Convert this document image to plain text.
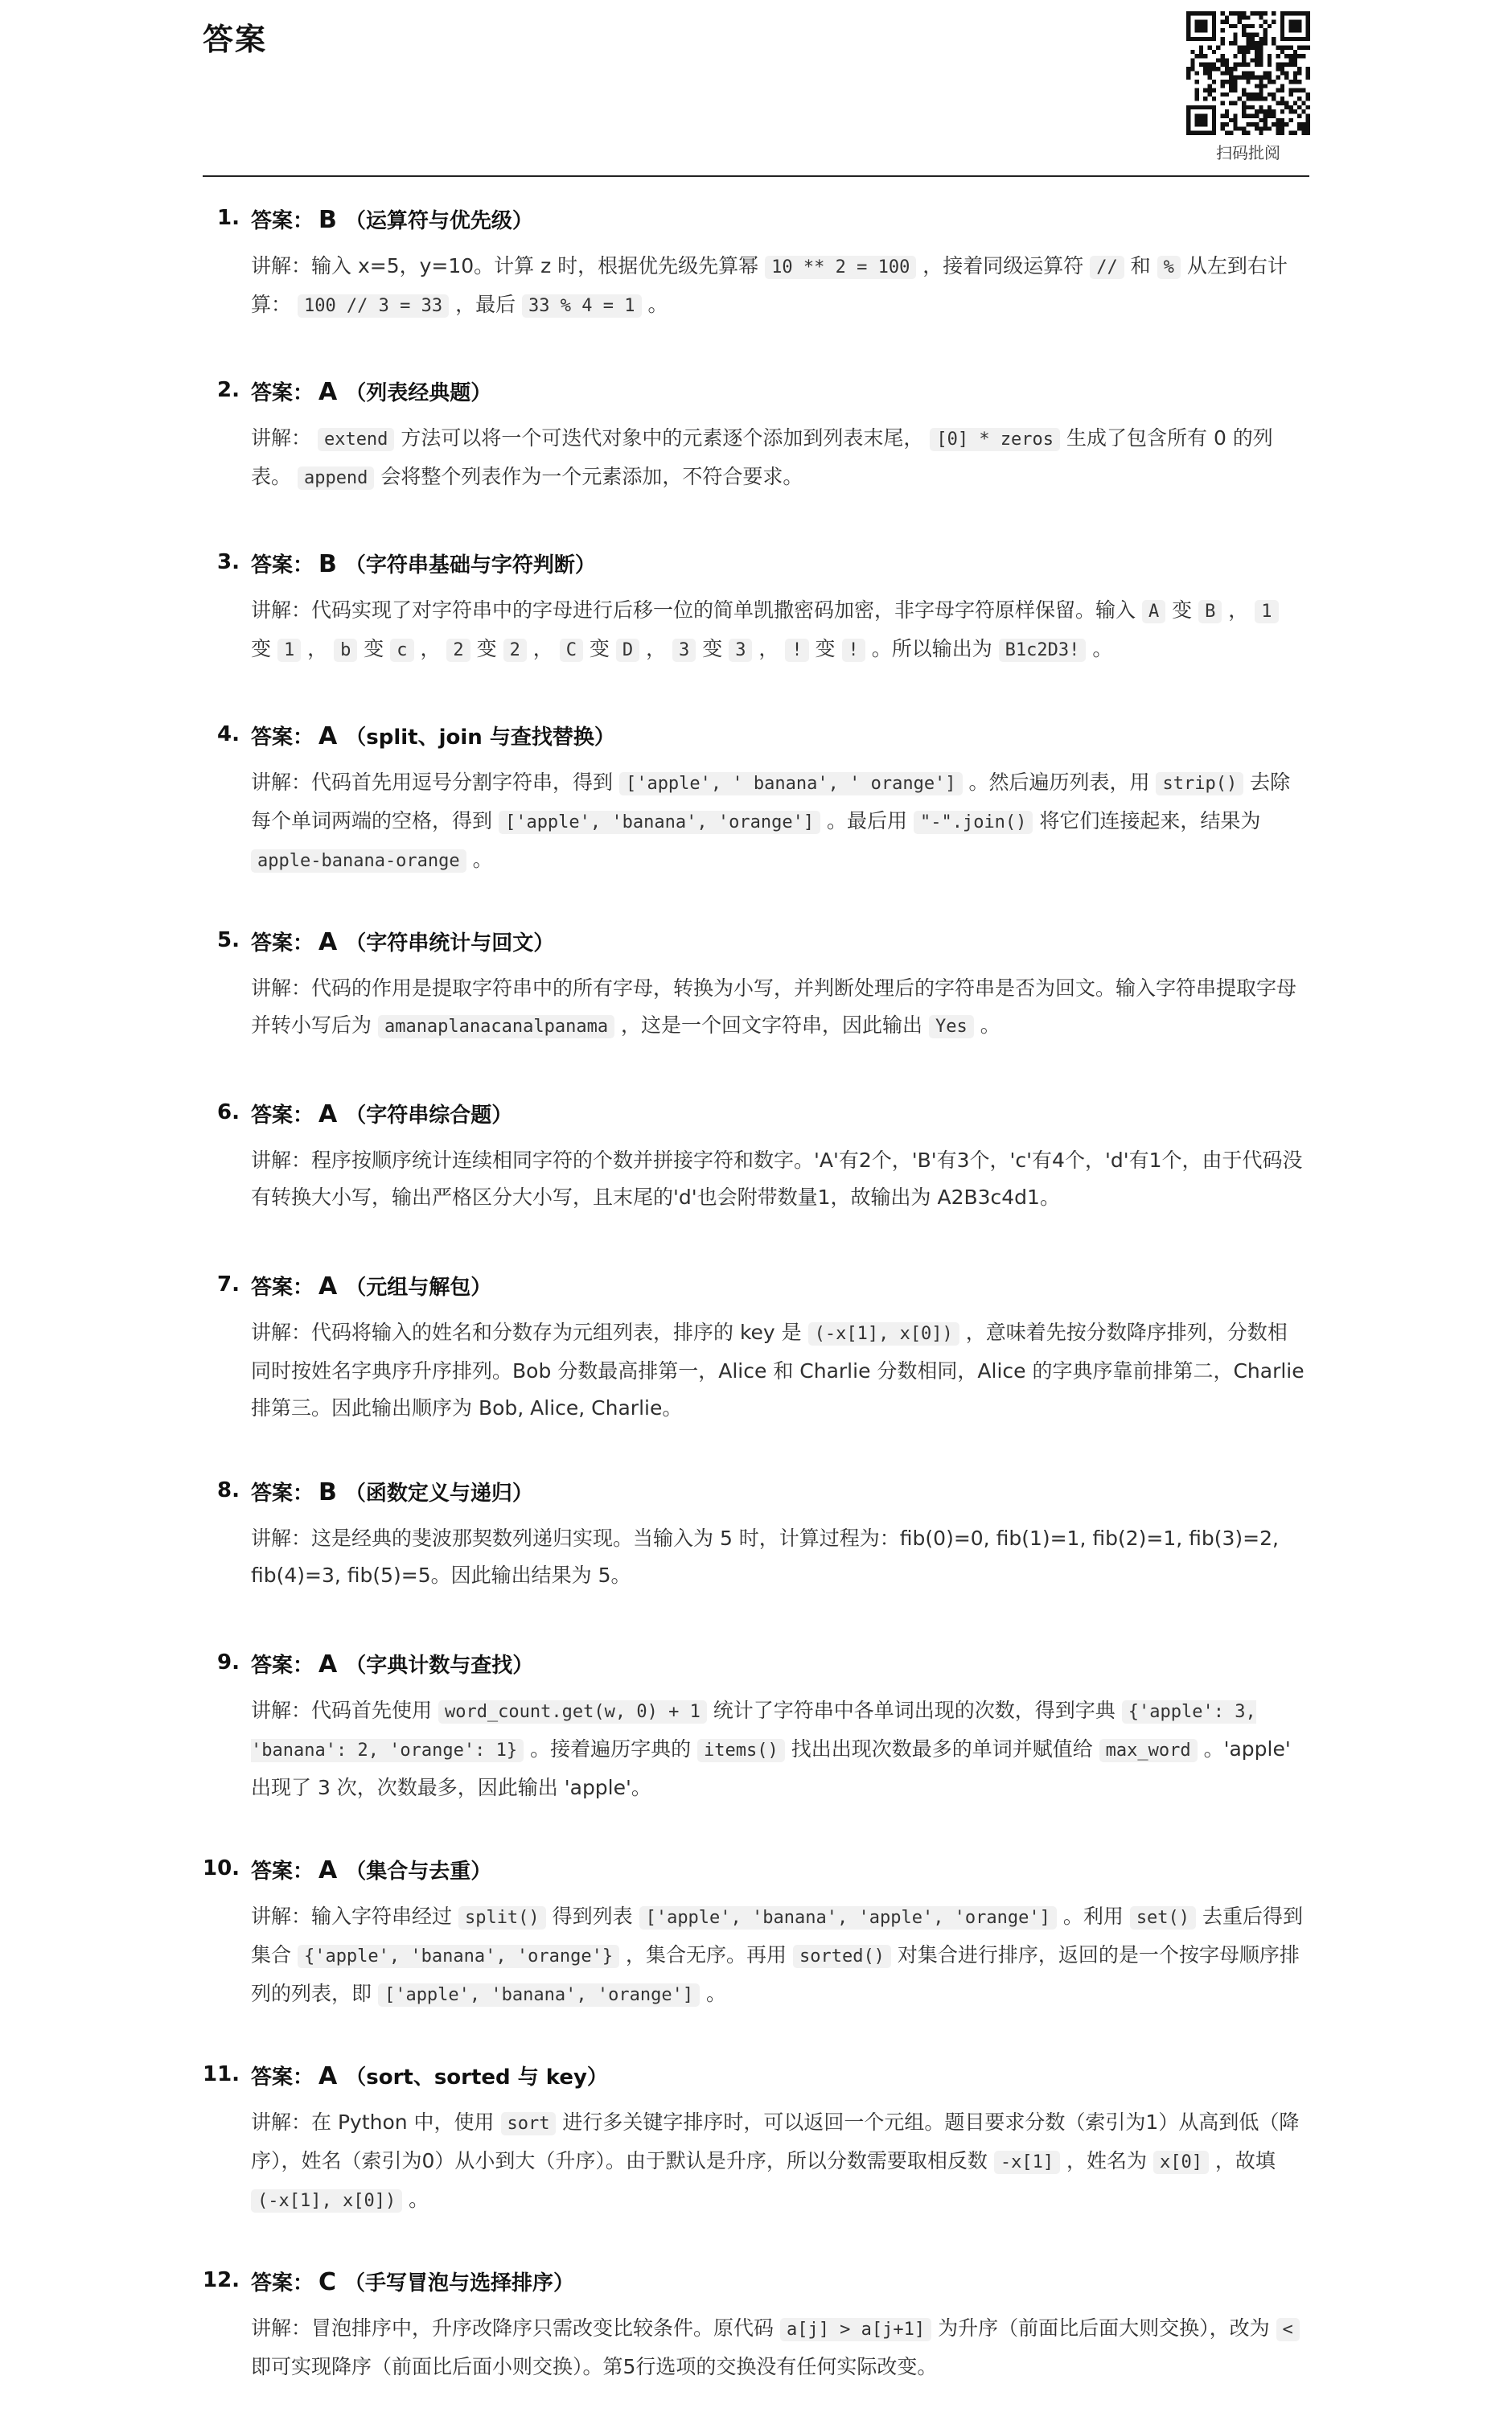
答案
扫码批阅
1. 答案： B （运算符与优先级）
讲解：输入 x=5，y=10。计算 z 时，根据优先级先算幂 10 ** 2 = 100 ，接着同级运算符 // 和 % 从左到右计算： 100 // 3 = 33 ，最后 33 % 4 = 1 。
2. 答案： A （列表经典题）
讲解： extend 方法可以将一个可迭代对象中的元素逐个添加到列表末尾， [0] * zeros 生成了包含所有 0 的列表。 append 会将整个列表作为一个元素添加，不符合要求。
3. 答案： B （字符串基础与字符判断）
讲解：代码实现了对字符串中的字母进行后移一位的简单凯撒密码加密，非字母字符原样保留。输入 A 变 B ， 1 变 1 ， b 变 c ， 2 变 2 ， C 变 D ， 3 变 3 ， ! 变 ! 。所以输出为 B1c2D3! 。
4. 答案： A （split、join 与查找替换）
讲解：代码首先用逗号分割字符串，得到 ['apple', ' banana', ' orange'] 。然后遍历列表，用 strip() 去除每个单词两端的空格，得到 ['apple', 'banana', 'orange'] 。最后用 "-".join() 将它们连接起来，结果为 apple-banana-orange 。
5. 答案： A （字符串统计与回文）
讲解：代码的作用是提取字符串中的所有字母，转换为小写，并判断处理后的字符串是否为回文。输入字符串提取字母并转小写后为 amanaplanacanalpanama ，这是一个回文字符串，因此输出 Yes 。
6. 答案： A （字符串综合题）
讲解：程序按顺序统计连续相同字符的个数并拼接字符和数字。'A'有2个，'B'有3个，'c'有4个，'d'有1个，由于代码没有转换大小写，输出严格区分大小写，且末尾的'd'也会附带数量1，故输出为 A2B3c4d1。
7. 答案： A （元组与解包）
讲解：代码将输入的姓名和分数存为元组列表，排序的 key 是 (-x[1], x[0]) ，意味着先按分数降序排列，分数相同时按姓名字典序升序排列。Bob 分数最高排第一，Alice 和 Charlie 分数相同，Alice 的字典序靠前排第二，Charlie 排第三。因此输出顺序为 Bob, Alice, Charlie。
8. 答案： B （函数定义与递归）
讲解：这是经典的斐波那契数列递归实现。当输入为 5 时，计算过程为：fib(0)=0, fib(1)=1, fib(2)=1, fib(3)=2, fib(4)=3, fib(5)=5。因此输出结果为 5。
9. 答案： A （字典计数与查找）
讲解：代码首先使用 word_count.get(w, 0) + 1 统计了字符串中各单词出现的次数，得到字典 {'apple': 3, 'banana': 2, 'orange': 1} 。接着遍历字典的 items() 找出出现次数最多的单词并赋值给 max_word 。'apple' 出现了 3 次，次数最多，因此输出 'apple'。
10. 答案： A （集合与去重）
讲解：输入字符串经过 split() 得到列表 ['apple', 'banana', 'apple', 'orange'] 。利用 set() 去重后得到集合 {'apple', 'banana', 'orange'} ，集合无序。再用 sorted() 对集合进行排序，返回的是一个按字母顺序排列的列表，即 ['apple', 'banana', 'orange'] 。
11. 答案： A （sort、sorted 与 key）
讲解：在 Python 中，使用 sort 进行多关键字排序时，可以返回一个元组。题目要求分数（索引为1）从高到低（降序），姓名（索引为0）从小到大（升序）。由于默认是升序，所以分数需要取相反数 -x[1] ，姓名为 x[0] ，故填 (-x[1], x[0]) 。
12. 答案： C （手写冒泡与选择排序）
讲解：冒泡排序中，升序改降序只需改变比较条件。原代码 a[j] > a[j+1] 为升序（前面比后面大则交换），改为 < 即可实现降序（前面比后面小则交换）。第5行选项的交换没有任何实际改变。
